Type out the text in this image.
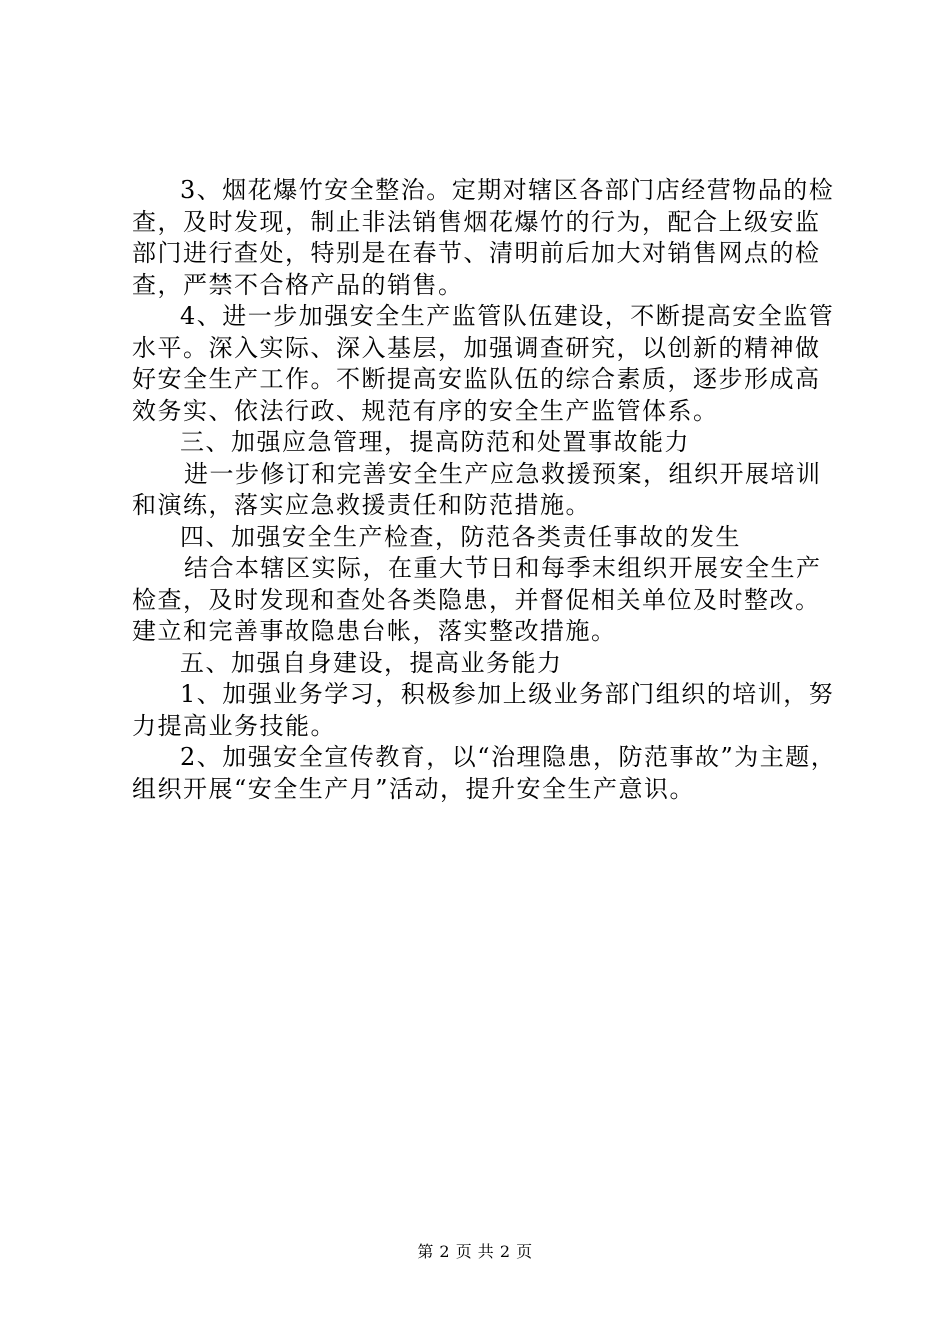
3、烟花爆竹安全整治。定期对辖区各部门店经营物品的检
查，及时发现，制止非法销售烟花爆竹的行为，配合上级安监
部门进行查处，特别是在春节、清明前后加大对销售网点的检
查，严禁不合格产品的销售。
4、进一步加强安全生产监管队伍建设，不断提高安全监管
水平。深入实际、深入基层，加强调查研究，以创新的精神做
好安全生产工作。不断提高安监队伍的综合素质，逐步形成高
效务实、依法行政、规范有序的安全生产监管体系。
三、加强应急管理，提高防范和处置事故能力
进一步修订和完善安全生产应急救援预案，组织开展培训
和演练，落实应急救援责任和防范措施。
四、加强安全生产检查，防范各类责任事故的发生
结合本辖区实际，在重大节日和每季末组织开展安全生产
检查，及时发现和查处各类隐患，并督促相关单位及时整改。
建立和完善事故隐患台帐，落实整改措施。
五、加强自身建设，提高业务能力
1、加强业务学习，积极参加上级业务部门组织的培训，努
力提高业务技能。
2、加强安全宣传教育，以“治理隐患，防范事故”为主题，
组织开展“安全生产月”活动，提升安全生产意识。
第 2 页 共 2 页
